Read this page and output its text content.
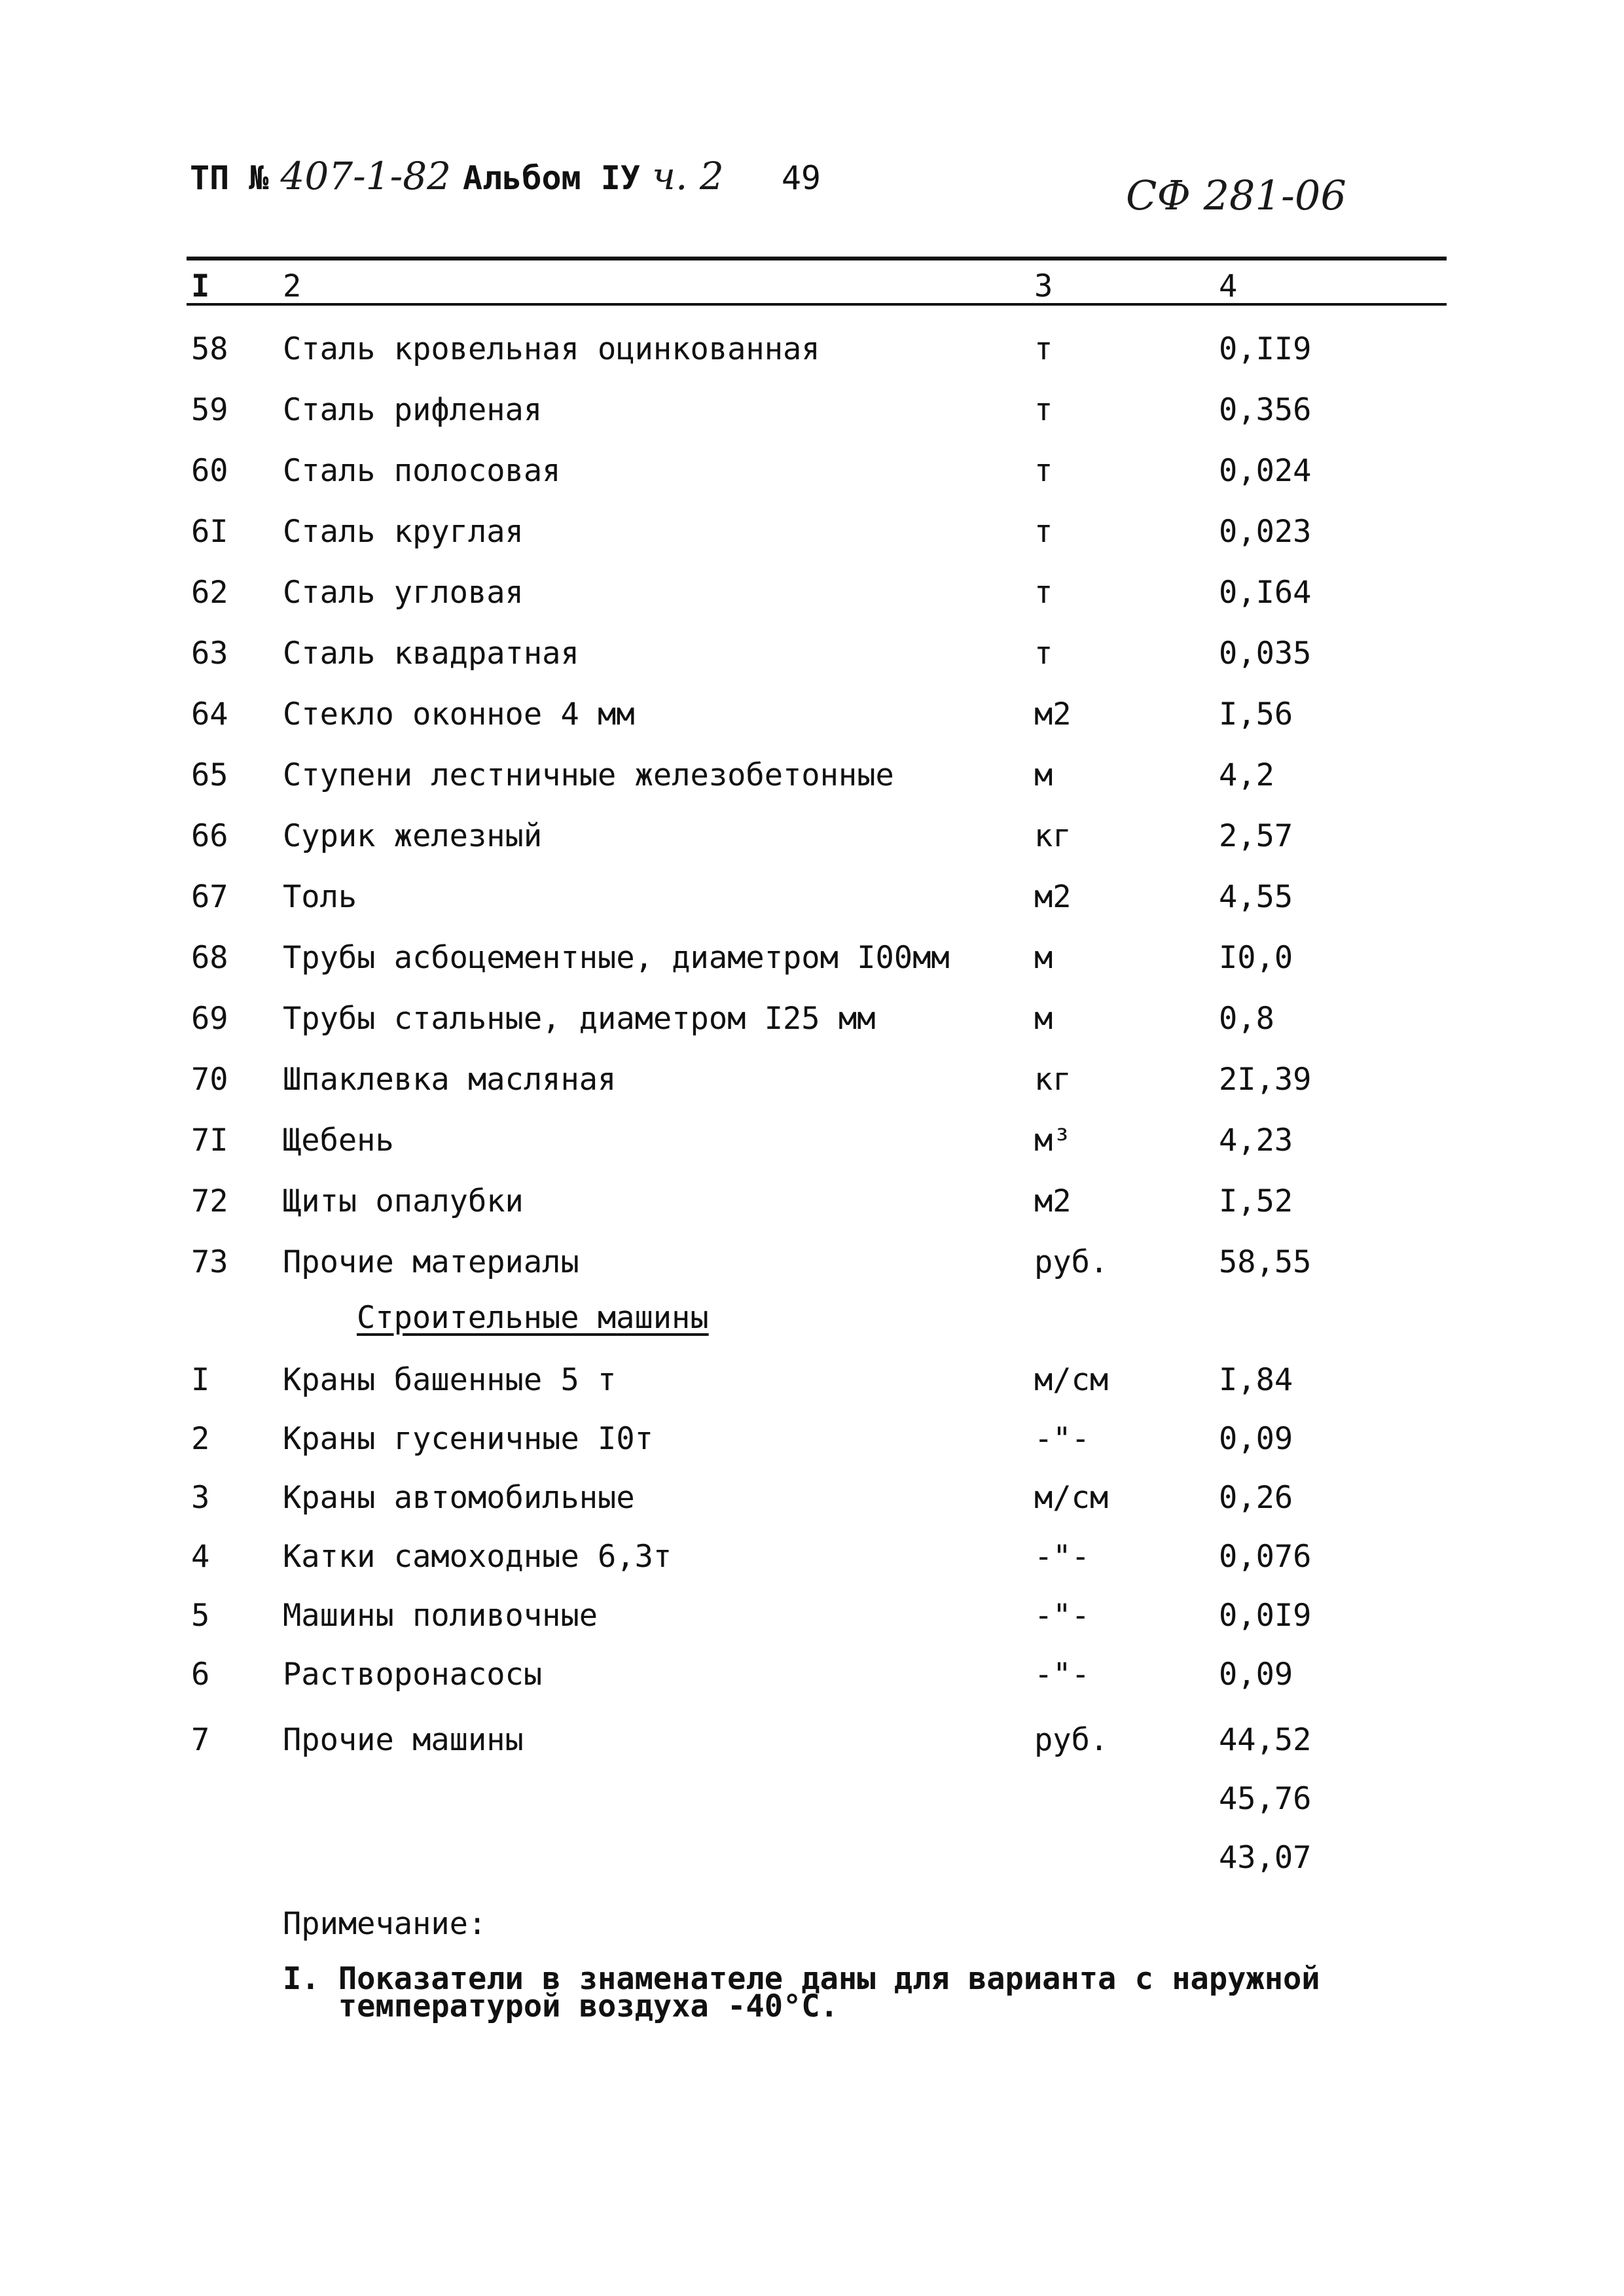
ТП № 407-1-82 Альбом IУ ч. 2 49	СФ 281-06
I 2	3	4
58 Сталь кровельная оцинкованная	т	0,II9
59 Сталь рифленая	т	0,356
60 Сталь полосовая	т	0,024
6I Сталь круглая	т	0,023
62 Сталь угловая	т	0,I64
63 Сталь квадратная	т	0,035
64 Стекло оконное 4 мм	м2	I,56
65 Ступени лестничные железобетонные	м	4,2
66 Сурик железный	кг	2,57
67 Толь	м2	4,55
68 Трубы асбоцементные, диаметром I00мм	м	I0,0
69 Трубы стальные, диаметром I25 мм	м	0,8
70 Шпаклевка масляная	кг	2I,39
7I Щебень	м³	4,23
72 Щиты опалубки	м2	I,52
73 Прочие материалы	руб.	58,55
Строительные машины
I Краны башенные 5 т	м/см	I,84
2 Краны гусеничные I0т	-"-	0,09
3 Краны автомобильные	м/см	0,26
4 Катки самоходные 6,3т	-"-	0,076
5 Машины поливочные	-"-	0,0I9
6 Растворонасосы	-"-	0,09
7 Прочие машины	руб.	44,52
45,76
43,07
Примечание:
I. Показатели в знаменателе даны для варианта с наружной
температурой воздуха -40°С.
